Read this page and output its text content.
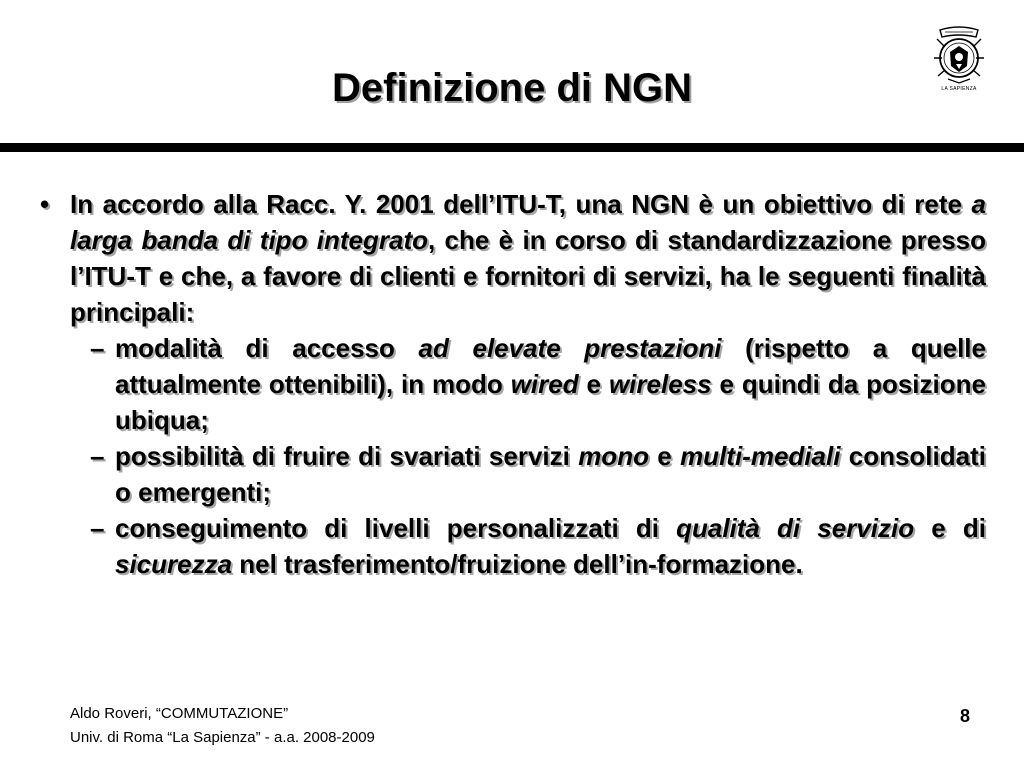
Definizione di NGN	LA SAPIENZA
• In accordo alla Racc. Y. 2001 dell’ITU-T, una NGN è un obiettivo di rete a larga banda di tipo integrato, che è in corso di standardizzazione presso l’ITU-T e che, a favore di clienti e fornitori di servizi, ha le seguenti finalità principali:
– modalità di accesso ad elevate prestazioni (rispetto a quelle attualmente ottenibili), in modo wired e wireless e quindi da posizione ubiqua;
– possibilità di fruire di svariati servizi mono e multi-mediali consolidati o emergenti;
– conseguimento di livelli personalizzati di qualità di servizio e di sicurezza nel trasferimento/fruizione dell’in-formazione.
Aldo Roveri, “COMMUTAZIONE”
Univ. di Roma “La Sapienza” - a.a. 2008-2009
8
